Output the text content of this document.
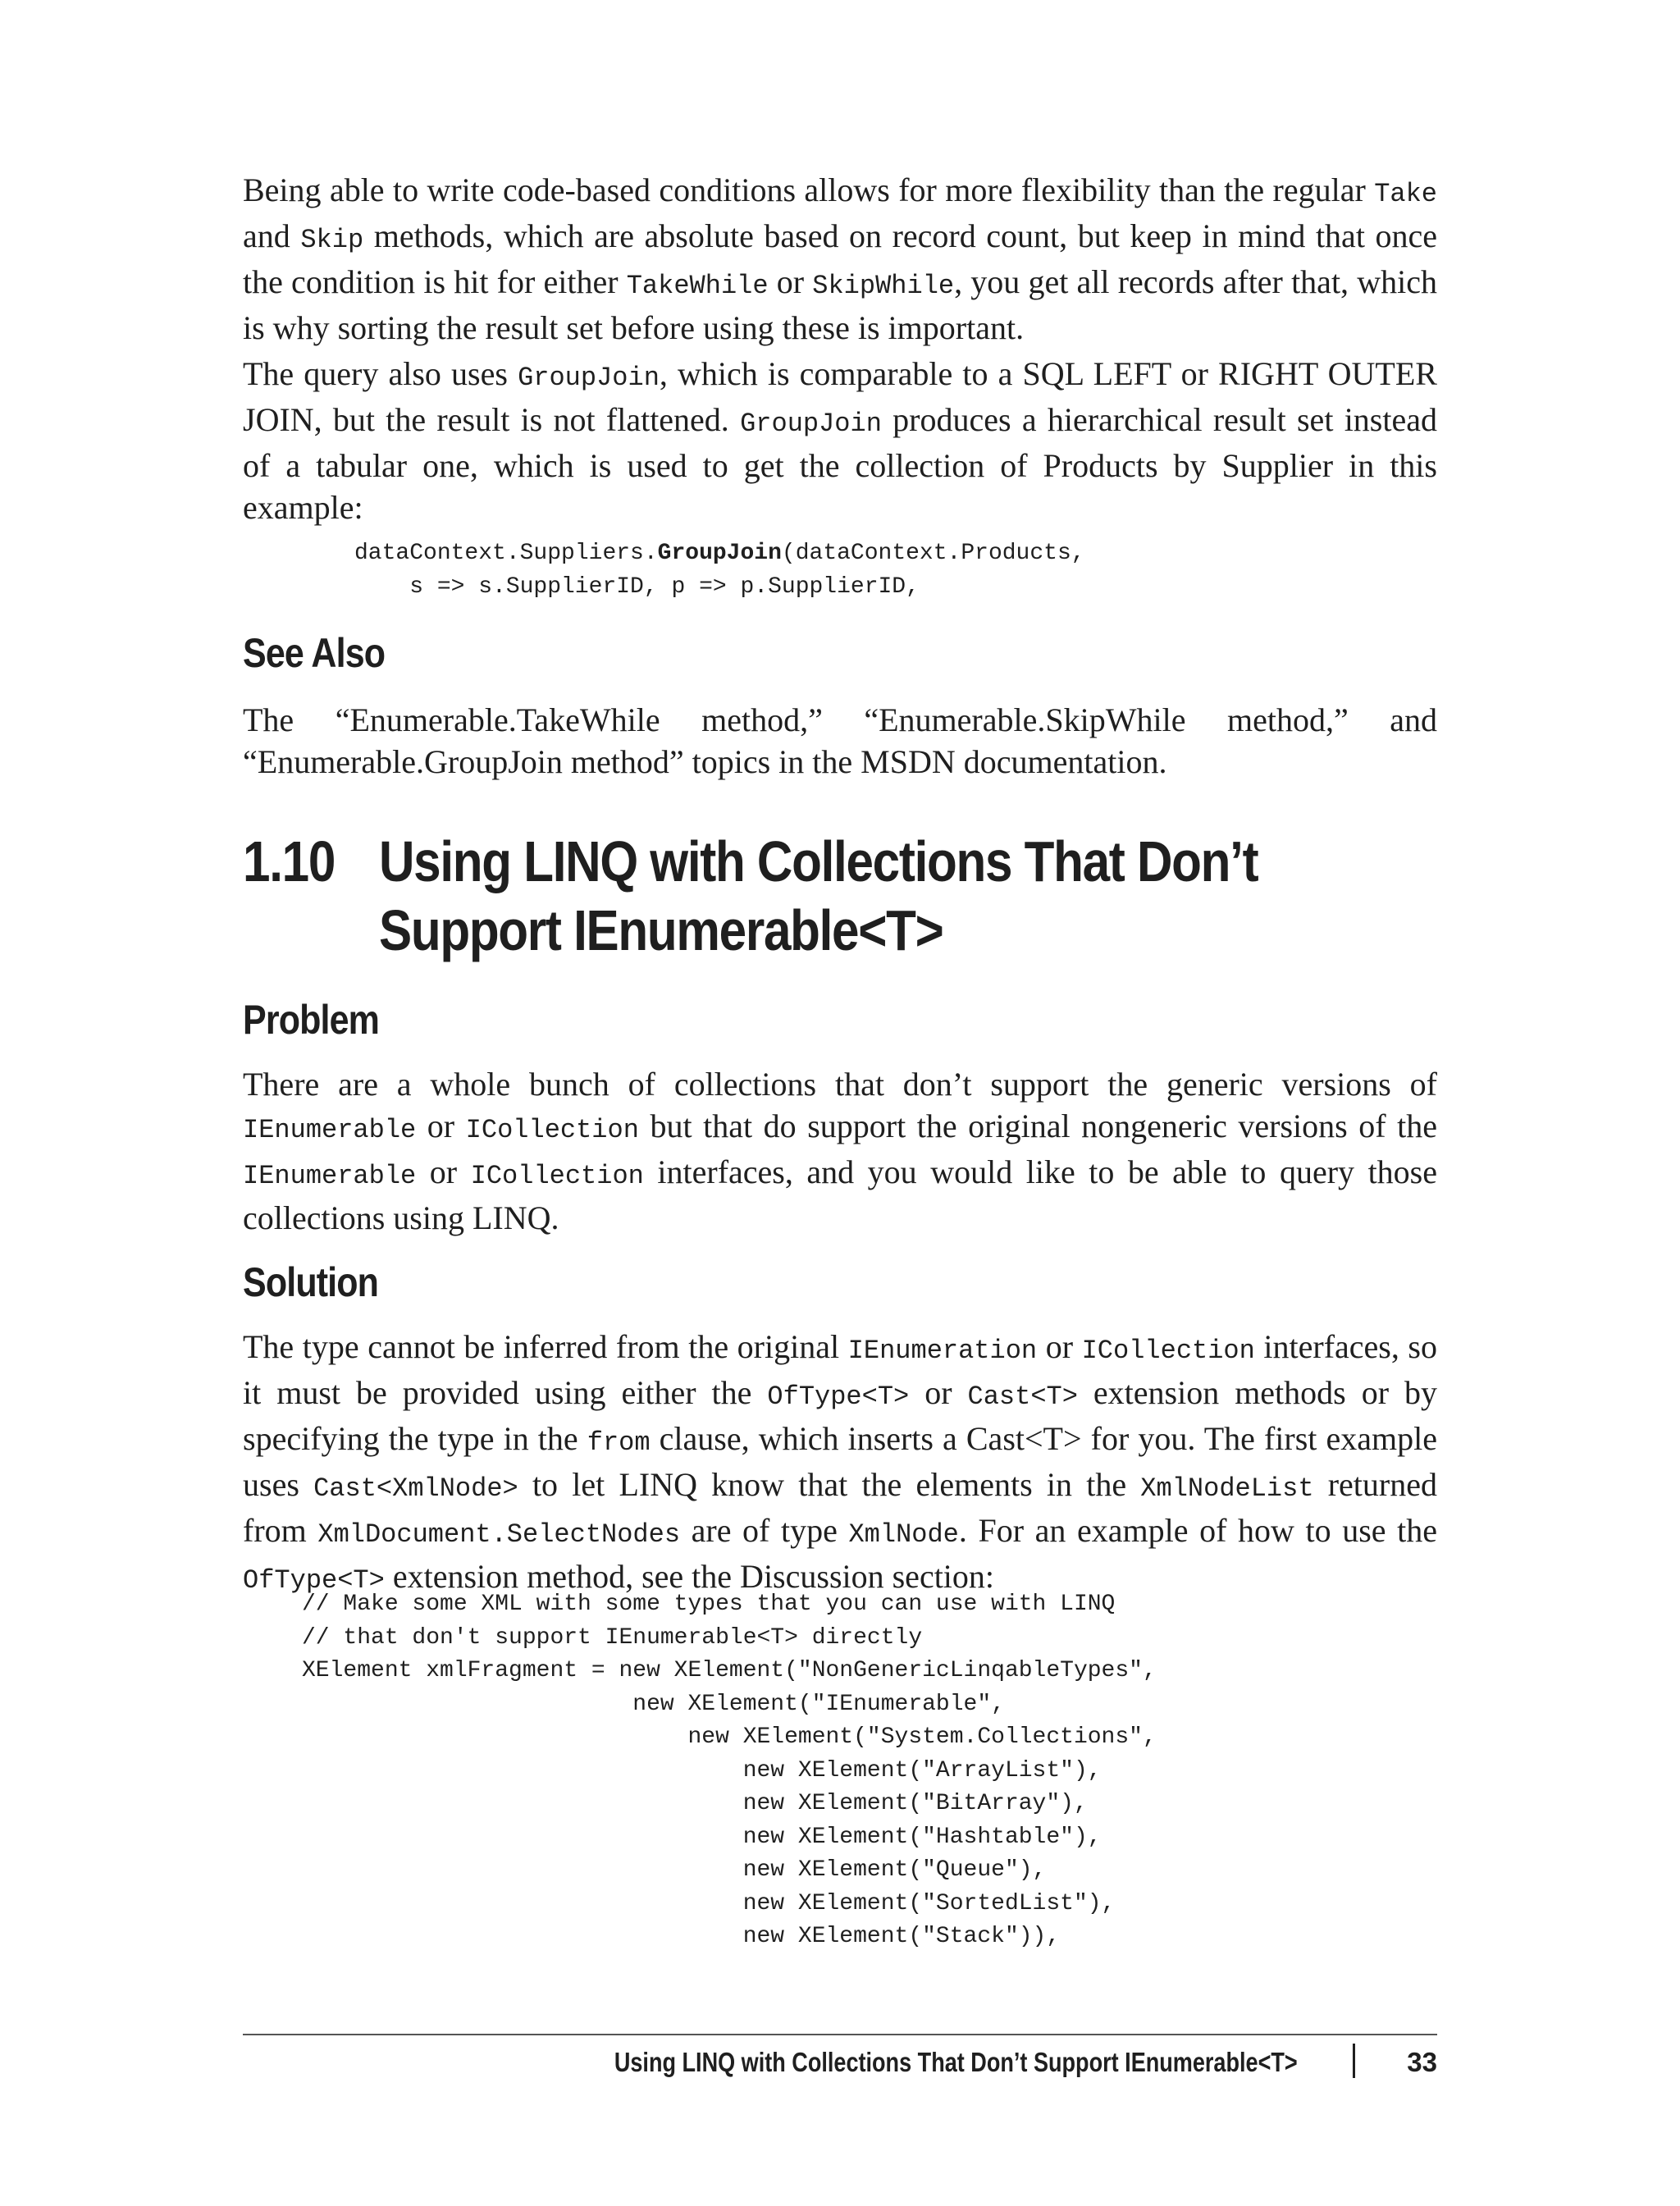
Being able to write code-based conditions allows for more flexibility than the regular Take and Skip methods, which are absolute based on record count, but keep in mind that once the condition is hit for either TakeWhile or SkipWhile, you get all records after that, which is why sorting the result set before using these is important.

The query also uses GroupJoin, which is comparable to a SQL LEFT or RIGHT OUTER JOIN, but the result is not flattened. GroupJoin produces a hierarchical result set instead of a tabular one, which is used to get the collection of Products by Supplier in this example:

dataContext.Suppliers.GroupJoin(dataContext.Products,
s => s.SupplierID, p => p.SupplierID,
See Also

The “Enumerable.TakeWhile method,” “Enumerable.SkipWhile method,” and “Enumerable.GroupJoin method” topics in the MSDN documentation.

1.10 Using LINQ with Collections That Don’t Support IEnumerable<T>
Problem

There are a whole bunch of collections that don’t support the generic versions of IEnumerable or ICollection but that do support the original nongeneric versions of the IEnumerable or ICollection interfaces, and you would like to be able to query those collections using LINQ.

Solution

The type cannot be inferred from the original IEnumeration or ICollection interfaces, so it must be provided using either the OfType<T> or Cast<T> extension methods or by specifying the type in the from clause, which inserts a Cast<T> for you. The first example uses Cast<XmlNode> to let LINQ know that the elements in the XmlNodeList returned from XmlDocument.SelectNodes are of type XmlNode. For an example of how to use the OfType<T> extension method, see the Discussion section:

// Make some XML with some types that you can use with LINQ
// that don't support IEnumerable<T> directly
XElement xmlFragment = new XElement("NonGenericLinqableTypes",
new XElement("IEnumerable",
new XElement("System.Collections",
new XElement("ArrayList"),
new XElement("BitArray"),
new XElement("Hashtable"),
new XElement("Queue"),
new XElement("SortedList"),
new XElement("Stack")),
Using LINQ with Collections That Don’t Support IEnumerable<T>	33
